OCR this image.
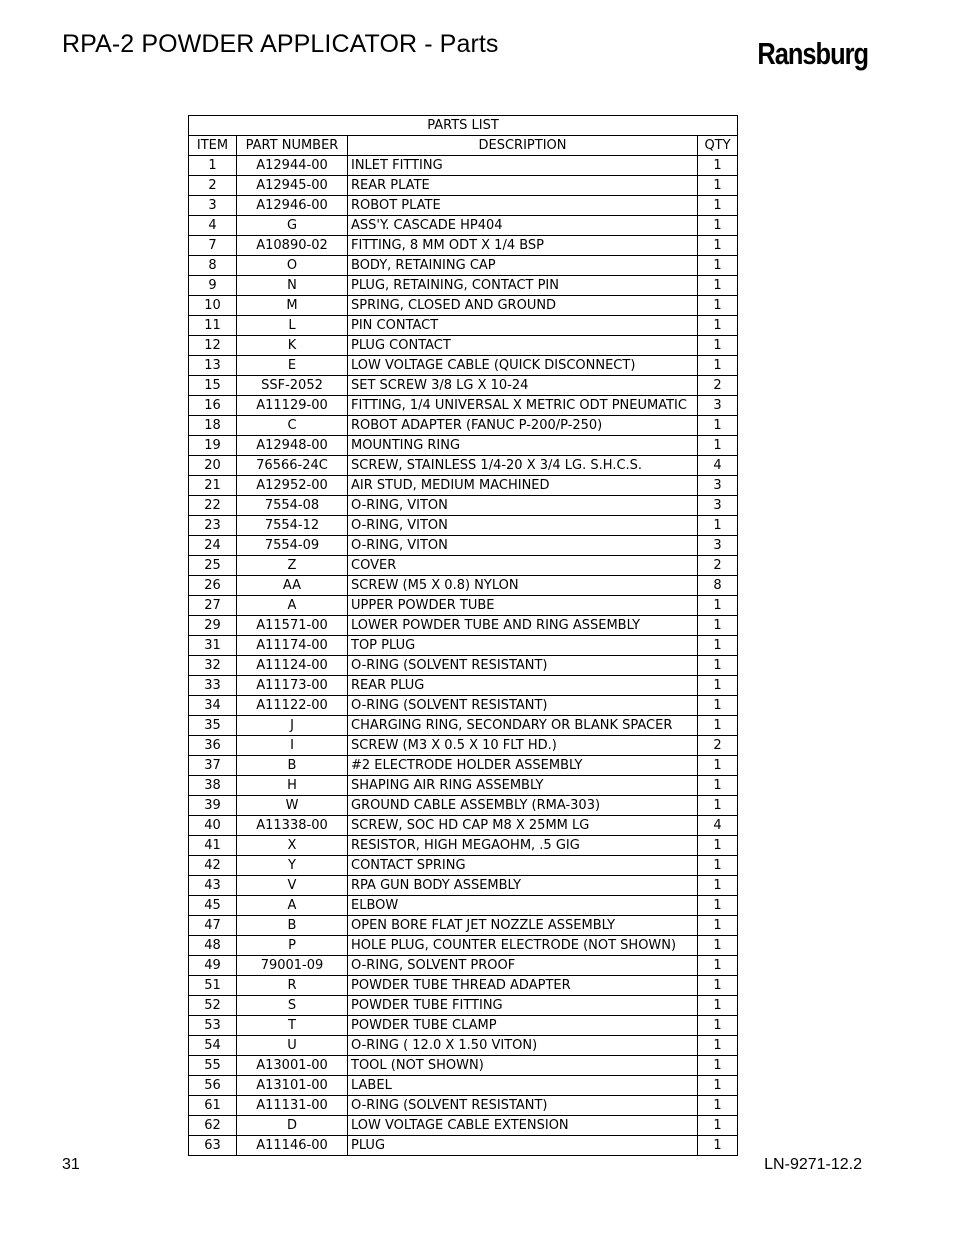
RPA-2 POWDER APPLICATOR - Parts	Ransburg
PARTS LIST			
ITEM	PART NUMBER	DESCRIPTION	QTY
1	A12944-00	INLET FITTING	1
2	A12945-00	REAR PLATE	1
3	A12946-00	ROBOT PLATE	1
4	G	ASS'Y. CASCADE HP404	1
7	A10890-02	FITTING, 8 MM ODT X 1/4 BSP	1
8	O	BODY, RETAINING CAP	1
9	N	PLUG, RETAINING, CONTACT PIN	1
10	M	SPRING, CLOSED AND GROUND	1
11	L	PIN CONTACT	1
12	K	PLUG CONTACT	1
13	E	LOW VOLTAGE CABLE (QUICK DISCONNECT)	1
15	SSF-2052	SET SCREW 3/8 LG X 10-24	2
16	A11129-00	FITTING, 1/4 UNIVERSAL X METRIC ODT PNEUMATIC	3
18	C	ROBOT ADAPTER (FANUC P-200/P-250)	1
19	A12948-00	MOUNTING RING	1
20	76566-24C	SCREW, STAINLESS 1/4-20 X 3/4 LG. S.H.C.S.	4
21	A12952-00	AIR STUD, MEDIUM MACHINED	3
22	7554-08	O-RING, VITON	3
23	7554-12	O-RING, VITON	1
24	7554-09	O-RING, VITON	3
25	Z	COVER	2
26	AA	SCREW (M5 X 0.8) NYLON	8
27	A	UPPER POWDER TUBE	1
29	A11571-00	LOWER POWDER TUBE AND RING ASSEMBLY	1
31	A11174-00	TOP PLUG	1
32	A11124-00	O-RING (SOLVENT RESISTANT)	1
33	A11173-00	REAR PLUG	1
34	A11122-00	O-RING (SOLVENT RESISTANT)	1
35	J	CHARGING RING, SECONDARY OR BLANK SPACER	1
36	I	SCREW (M3 X 0.5 X 10 FLT HD.)	2
37	B	#2 ELECTRODE HOLDER ASSEMBLY	1
38	H	SHAPING AIR RING ASSEMBLY	1
39	W	GROUND CABLE ASSEMBLY (RMA-303)	1
40	A11338-00	SCREW, SOC HD CAP M8 X 25MM LG	4
41	X	RESISTOR, HIGH MEGAOHM, .5 GIG	1
42	Y	CONTACT SPRING	1
43	V	RPA GUN BODY ASSEMBLY	1
45	A	ELBOW	1
47	B	OPEN BORE FLAT JET NOZZLE ASSEMBLY	1
48	P	HOLE PLUG, COUNTER ELECTRODE (NOT SHOWN)	1
49	79001-09	O-RING, SOLVENT PROOF	1
51	R	POWDER TUBE THREAD ADAPTER	1
52	S	POWDER TUBE FITTING	1
53	T	POWDER TUBE CLAMP	1
54	U	O-RING ( 12.0 X 1.50 VITON)	1
55	A13001-00	TOOL (NOT SHOWN)	1
56	A13101-00	LABEL	1
61	A11131-00	O-RING (SOLVENT RESISTANT)	1
62	D	LOW VOLTAGE CABLE EXTENSION	1
63	A11146-00	PLUG	1
31	LN-9271-12.2
